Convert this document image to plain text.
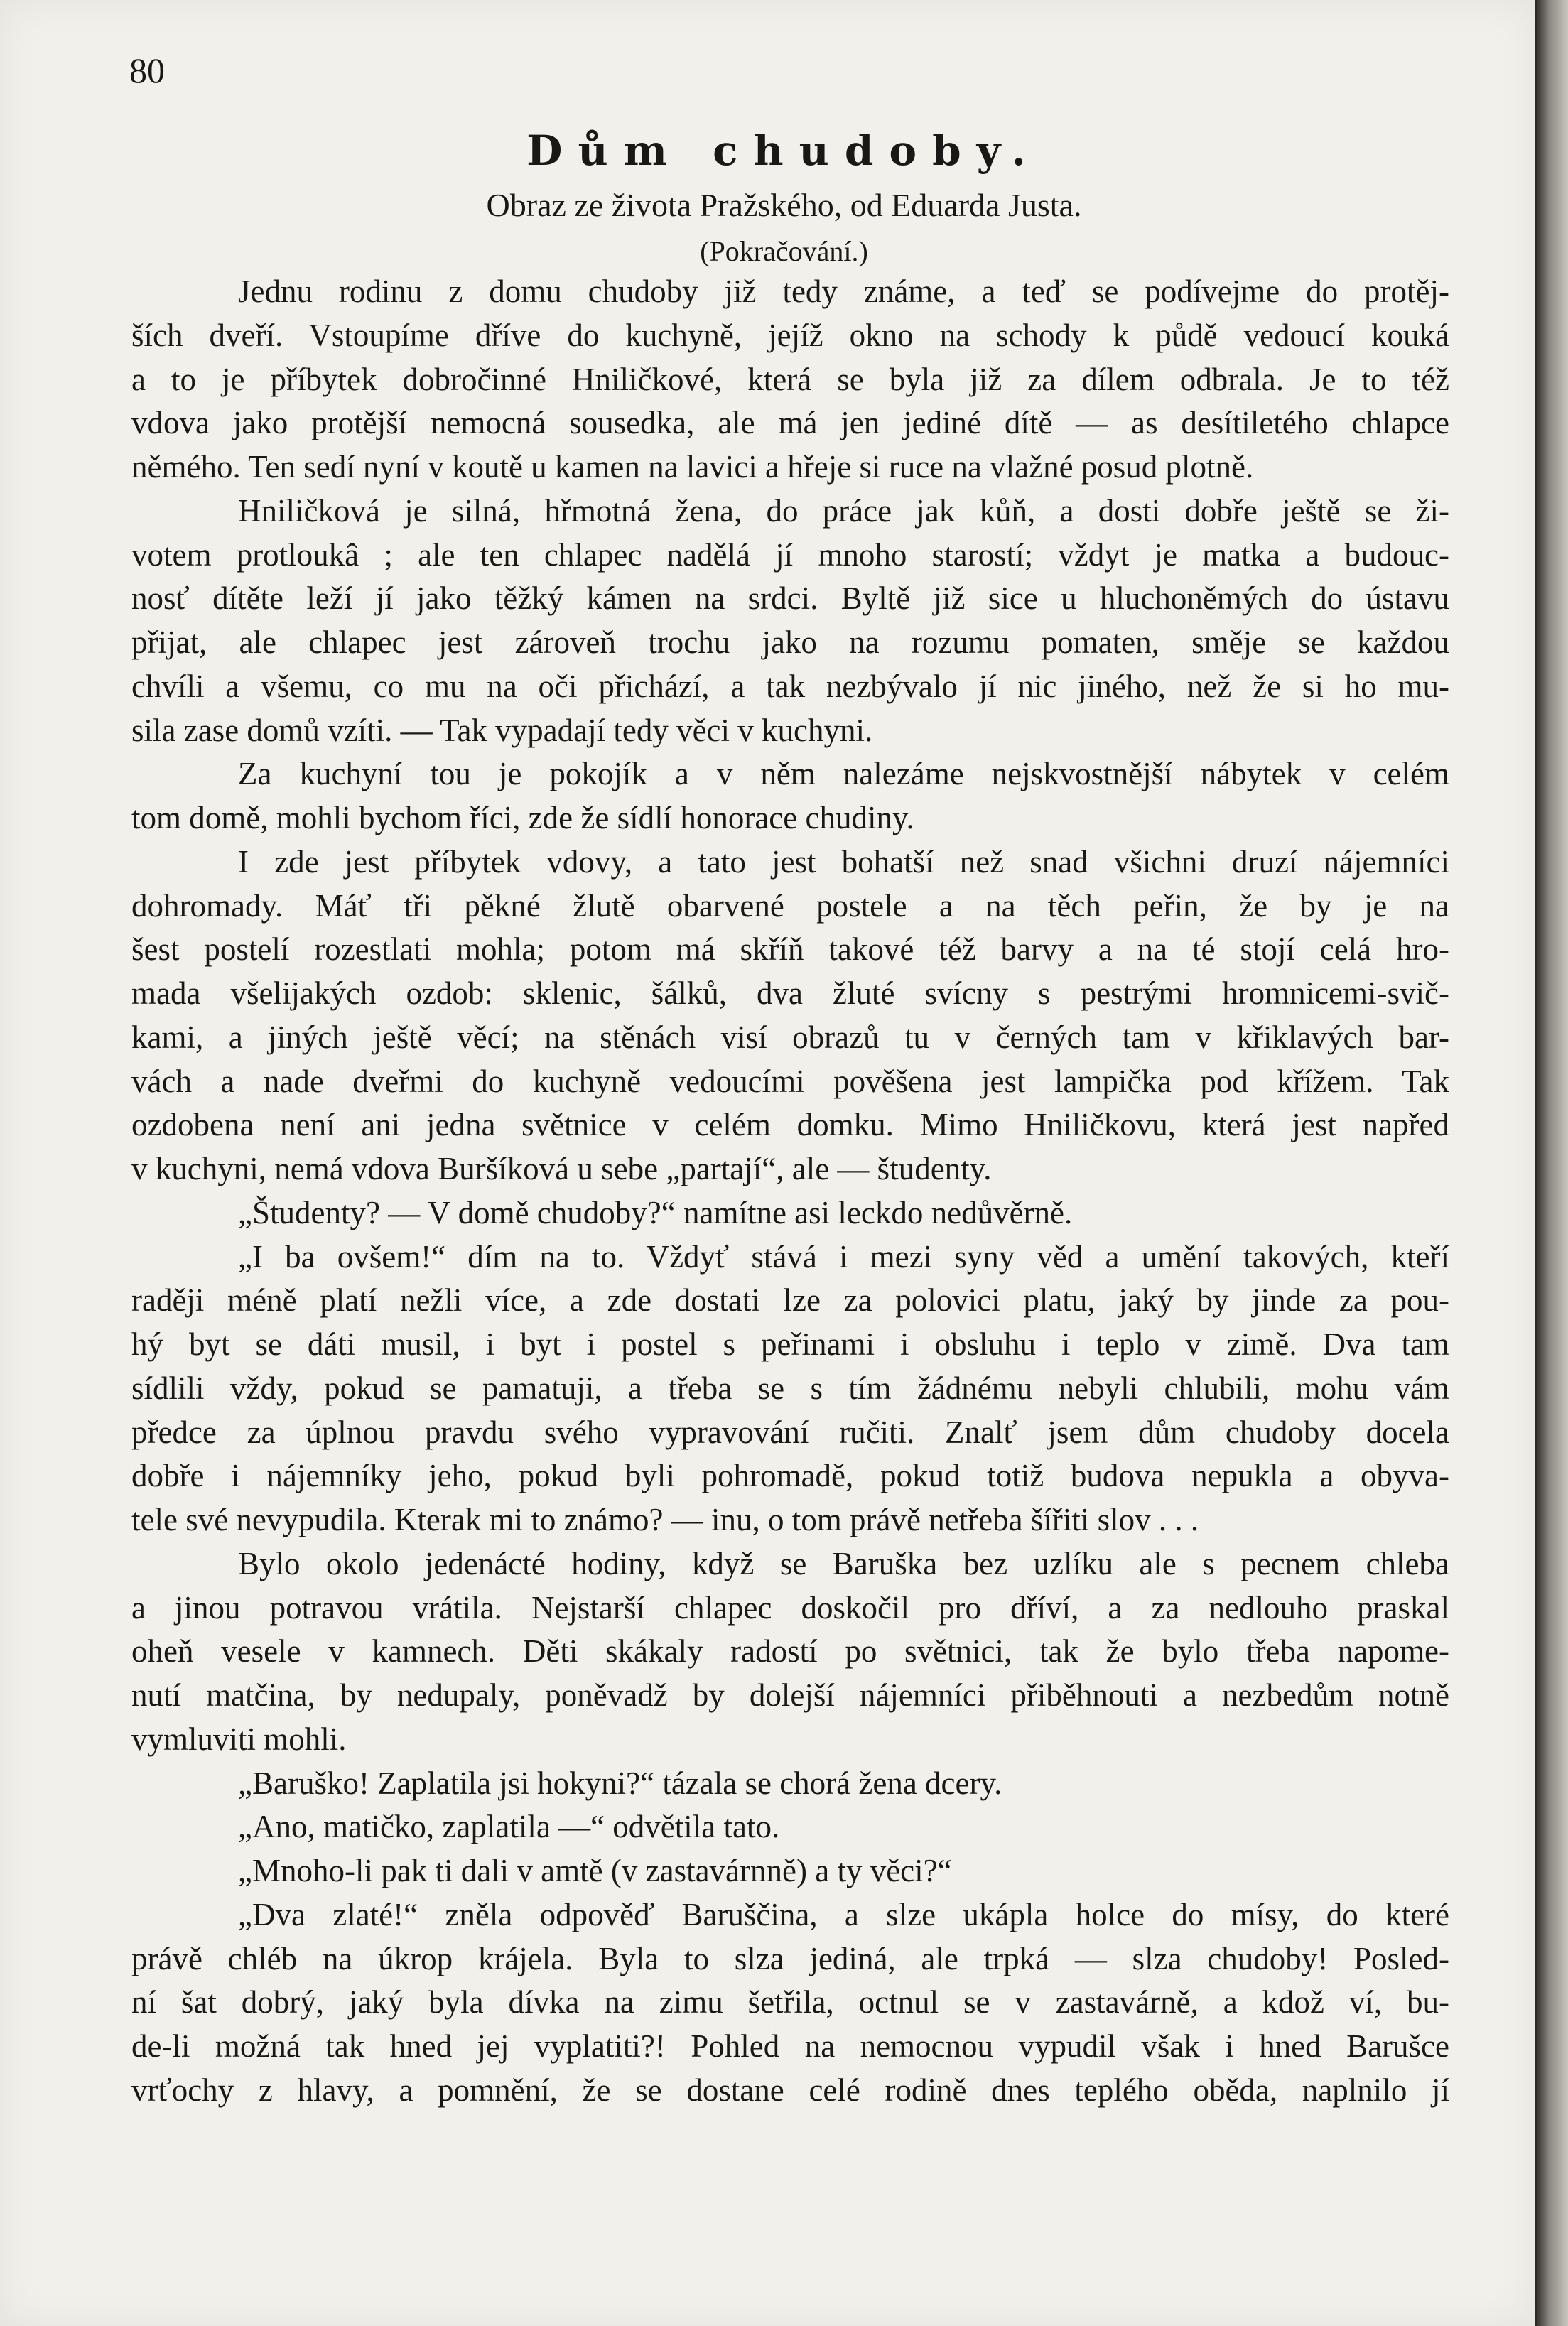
80
Dům chudoby.
Obraz ze života Pražského, od Eduarda Justa.
(Pokračování.)
Jednu rodinu z domu chudoby již tedy známe, a teď se podívejme do protěj-
ších dveří. Vstoupíme dříve do kuchyně, jejíž okno na schody k půdě vedoucí kouká
a to je příbytek dobročinné Hniličkové, která se byla již za dílem odbrala. Je to též
vdova jako protější nemocná sousedka, ale má jen jediné dítě — as desítiletého chlapce
němého. Ten sedí nyní v koutě u kamen na lavici a hřeje si ruce na vlažné posud plotně.
Hniličková je silná, hřmotná žena, do práce jak kůň, a dosti dobře ještě se ži-
votem protloukâ ; ale ten chlapec nadělá jí mnoho starostí; vždyt je matka a budouc-
nosť dítěte leží jí jako těžký kámen na srdci. Byltě již sice u hluchoněmých do ústavu
přijat, ale chlapec jest zároveň trochu jako na rozumu pomaten, směje se každou
chvíli a všemu, co mu na oči přichází, a tak nezbývalo jí nic jiného, než že si ho mu-
sila zase domů vzíti. — Tak vypadají tedy věci v kuchyni.
Za kuchyní tou je pokojík a v něm nalezáme nejskvostnější nábytek v celém
tom domě, mohli bychom říci, zde že sídlí honorace chudiny.
I zde jest příbytek vdovy, a tato jest bohatší než snad všichni druzí nájemníci
dohromady. Máť tři pěkné žlutě obarvené postele a na těch peřin, že by je na
šest postelí rozestlati mohla; potom má skříň takové též barvy a na té stojí celá hro-
mada všelijakých ozdob: sklenic, šálků, dva žluté svícny s pestrými hromnicemi-svič-
kami, a jiných ještě věcí; na stěnách visí obrazů tu v černých tam v křiklavých bar-
vách a nade dveřmi do kuchyně vedoucími pověšena jest lampička pod křížem. Tak
ozdobena není ani jedna světnice v celém domku. Mimo Hniličkovu, která jest napřed
v kuchyni, nemá vdova Buršíková u sebe „partají“, ale — študenty.
„Študenty? — V domě chudoby?“ namítne asi leckdo nedůvěrně.
„I ba ovšem!“ dím na to. Vždyť stává i mezi syny věd a umění takových, kteří
raději méně platí nežli více, a zde dostati lze za polovici platu, jaký by jinde za pou-
hý byt se dáti musil, i byt i postel s peřinami i obsluhu i teplo v zimě. Dva tam
sídlili vždy, pokud se pamatuji, a třeba se s tím žádnému nebyli chlubili, mohu vám
předce za úplnou pravdu svého vypravování ručiti. Znalť jsem dům chudoby docela
dobře i nájemníky jeho, pokud byli pohromadě, pokud totiž budova nepukla a obyva-
tele své nevypudila. Kterak mi to známo? — inu, o tom právě netřeba šířiti slov . . .
Bylo okolo jedenácté hodiny, když se Baruška bez uzlíku ale s pecnem chleba
a jinou potravou vrátila. Nejstarší chlapec doskočil pro dříví, a za nedlouho praskal
oheň vesele v kamnech. Děti skákaly radostí po světnici, tak že bylo třeba napome-
nutí matčina, by nedupaly, poněvadž by dolejší nájemníci přiběhnouti a nezbedům notně
vymluviti mohli.
„Baruško! Zaplatila jsi hokyni?“ tázala se chorá žena dcery.
„Ano, matičko, zaplatila —“ odvětila tato.
„Mnoho-li pak ti dali v amtě (v zastavárnně) a ty věci?“
„Dva zlaté!“ zněla odpověď Baruščina, a slze ukápla holce do mísy, do které
právě chléb na úkrop krájela. Byla to slza jediná, ale trpká — slza chudoby! Posled-
ní šat dobrý, jaký byla dívka na zimu šetřila, octnul se v zastavárně, a kdož ví, bu-
de-li možná tak hned jej vyplatiti?! Pohled na nemocnou vypudil však i hned Barušce
vrťochy z hlavy, a pomnění, že se dostane celé rodině dnes teplého oběda, naplnilo jí
